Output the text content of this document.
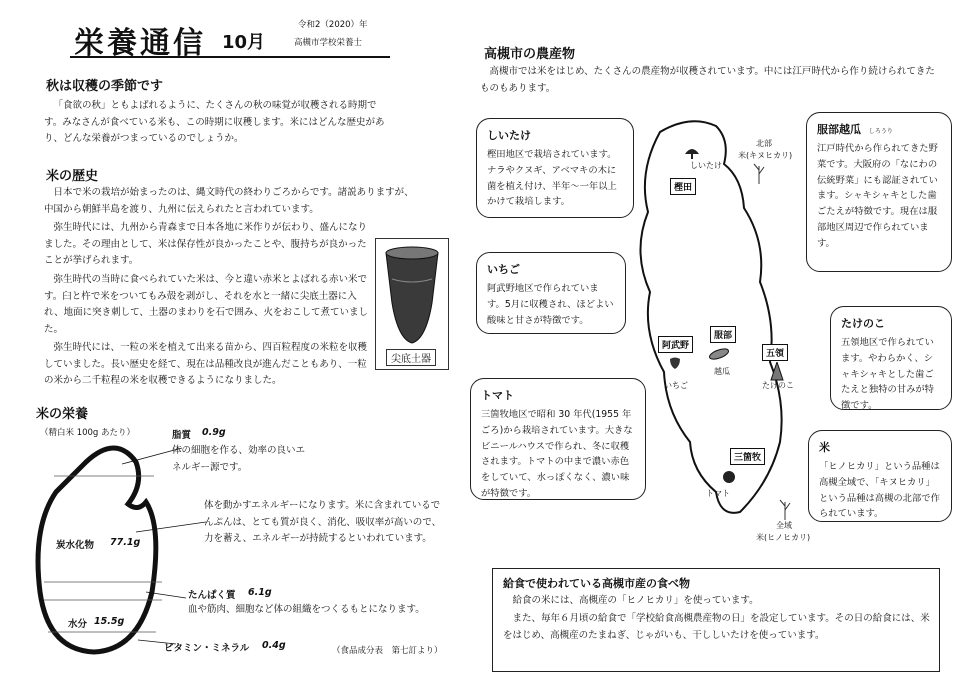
栄養通信 10月
令和2（2020）年
高槻市学校栄養士
秋は収穫の季節です
「食欲の秋」ともよばれるように、たくさんの秋の味覚が収穫される時期です。みなさんが食べている米も、この時期に収穫します。米にはどんな歴史があり、どんな栄養がつまっているのでしょうか。
米の歴史
日本で米の栽培が始まったのは、縄文時代の終わりごろからです。諸説ありますが、中国から朝鮮半島を渡り、九州に伝えられたと言われています。
弥生時代には、九州から青森まで日本各地に米作りが伝わり、盛んになりました。その理由として、米は保存性が良かったことや、腹持ちが良かったことが挙げられます。
弥生時代の当時に食べられていた米は、今と違い赤米とよばれる赤い米です。臼と杵で米をついてもみ殻を剥がし、それを水と一緒に尖底土器に入れ、地面に突き刺して、土器のまわりを石で囲み、火をおこして煮ていました。
弥生時代には、一粒の米を植えて出来る苗から、四百粒程度の米粒を収穫していました。長い歴史を経て、現在は品種改良が進んだこともあり、一粒の米から二千粒程の米を収穫できるようになりました。
尖底土器
米の栄養
（精白米 100g あたり）	脂質 0.9g
体の細胞を作る、効率の良いエネルギー源です。
炭水化物 77.1g
体を動かすエネルギーになります。米に含まれているでんぷんは、とても質が良く、消化、吸収率が高いので、力を蓄え、エネルギーが持続するといわれています。
たんぱく質 6.1g
血や筋肉、細胞など体の組織をつくるもとになります。
水分 15.5g
ビタミン・ミネラル 0.4g	（食品成分表　第七訂より）
高槻市の農産物
高槻市では米をはじめ、たくさんの農産物が収穫されています。中には江戸時代から作り続けられてきたものもあります。
樫田
しいたけ
北部
米(キヌヒカリ)
阿武野
いちご
服部
越瓜
五領
たけのこ
三箇牧
トマト
全域
米(ヒノヒカリ)
しいたけ
樫田地区で栽培されています。ナラやクヌギ、アベマキの木に菌を植え付け、半年〜一年以上かけて栽培します。
いちご
阿武野地区で作られています。5月に収穫され、ほどよい酸味と甘さが特徴です。
トマト
三箇牧地区で昭和 30 年代(1955 年ごろ)から栽培されています。大きなビニールハウスで作られ、冬に収穫されます。トマトの中まで濃い赤色をしていて、水っぽくなく、濃い味が特徴です。
服部越瓜 しろうり
江戸時代から作られてきた野菜です。大阪府の「なにわの伝統野菜」にも認証されています。シャキシャキとした歯ごたえが特徴です。現在は服部地区周辺で作られています。
たけのこ
五領地区で作られています。やわらかく、シャキシャキとした歯ごたえと独特の甘みが特徴です。
米
「ヒノヒカリ」という品種は高槻全域で、「キヌヒカリ」という品種は高槻の北部で作られています。
給食で使われている高槻市産の食べ物
給食の米には、高槻産の「ヒノヒカリ」を使っています。
また、毎年６月頃の給食で「学校給食高槻農産物の日」を設定しています。その日の給食には、米をはじめ、高槻産のたまねぎ、じゃがいも、干ししいたけを使っています。
